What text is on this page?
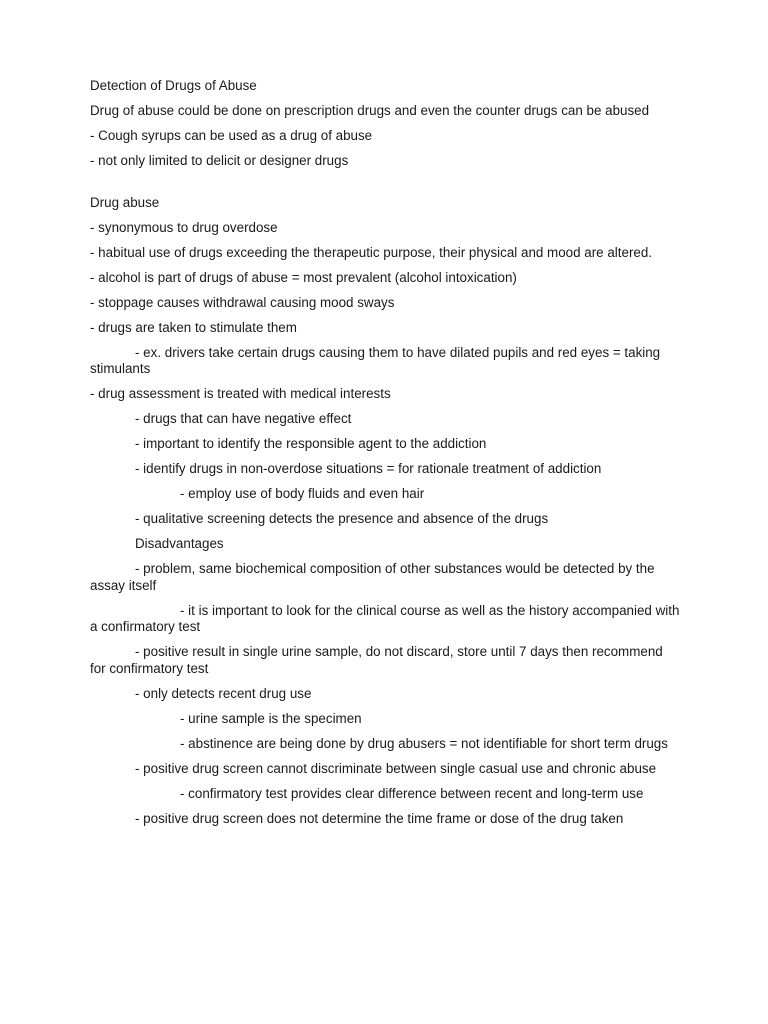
Detection of Drugs of Abuse

Drug of abuse could be done on prescription drugs and even the counter drugs can be abused

- Cough syrups can be used as a drug of abuse

- not only limited to delicit or designer drugs

Drug abuse

- synonymous to drug overdose

- habitual use of drugs exceeding the therapeutic purpose, their physical and mood are altered.

- alcohol is part of drugs of abuse = most prevalent (alcohol intoxication)

- stoppage causes withdrawal causing mood sways

- drugs are taken to stimulate them

- ex. drivers take certain drugs causing them to have dilated pupils and red eyes = taking stimulants

- drug assessment is treated with medical interests

- drugs that can have negative effect

- important to identify the responsible agent to the addiction

- identify drugs in non-overdose situations = for rationale treatment of addiction

- employ use of body fluids and even hair

- qualitative screening detects the presence and absence of the drugs

Disadvantages

- problem, same biochemical composition of other substances would be detected by the assay itself

- it is important to look for the clinical course as well as the history accompanied with a confirmatory test

- positive result in single urine sample, do not discard, store until 7 days then recommend for confirmatory test

- only detects recent drug use

- urine sample is the specimen

- abstinence are being done by drug abusers = not identifiable for short term drugs

- positive drug screen cannot discriminate between single casual use and chronic abuse

- confirmatory test provides clear difference between recent and long-term use

- positive drug screen does not determine the time frame or dose of the drug taken
